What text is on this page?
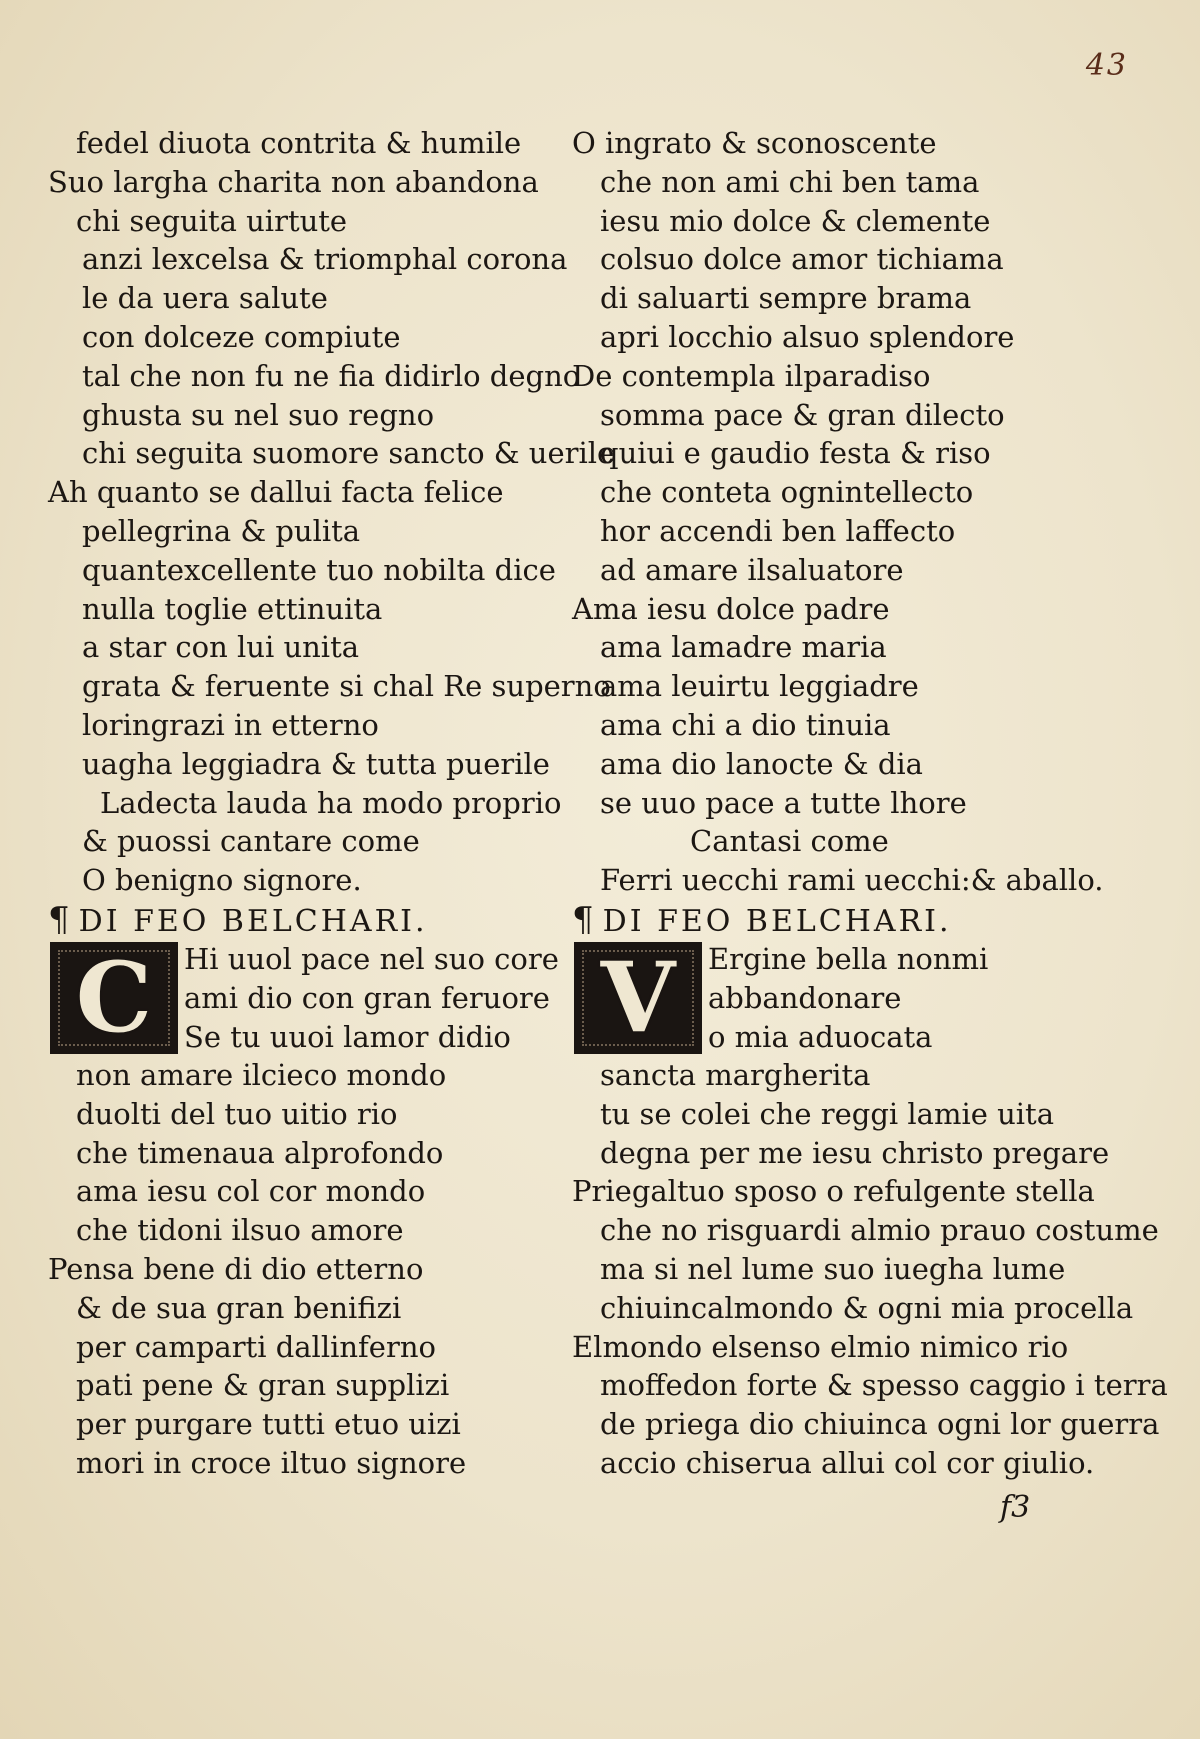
43
fedel diuota contrita & humile
Suo largha charita non abandona
chi seguita uirtute
anzi lexcelsa & triomphal corona
le da uera salute
con dolceze compiute
tal che non fu ne fia didirlo degno
ghusta su nel suo regno
chi seguita suomore sancto & uerile
Ah quanto se dallui facta felice
pellegrina & pulita
quantexcellente tuo nobilta dice
nulla toglie ettinuita
a star con lui unita
grata & feruente si chal Re superno
loringrazi in etterno
uagha leggiadra & tutta puerile
Ladecta lauda ha modo proprio
& puossi cantare come
O benigno signore.
¶ DI FEO BELCHARI.
C Hi uuol pace nel suo core
ami dio con gran feruore
Se tu uuoi lamor didio
non amare ilcieco mondo
duolti del tuo uitio rio
che timenaua alprofondo
ama iesu col cor mondo
che tidoni ilsuo amore
Pensa bene di dio etterno
& de sua gran benifizi
per camparti dallinferno
pati pene & gran supplizi
per purgare tutti etuo uizi
mori in croce iltuo signore
O ingrato & sconoscente
che non ami chi ben tama
iesu mio dolce & clemente
colsuo dolce amor tichiama
di saluarti sempre brama
apri locchio alsuo splendore
De contempla ilparadiso
somma pace & gran dilecto
quiui e gaudio festa & riso
che conteta ognintellecto
hor accendi ben laffecto
ad amare ilsaluatore
Ama iesu dolce padre
ama lamadre maria
ama leuirtu leggiadre
ama chi a dio tinuia
ama dio lanocte & dia
se uuo pace a tutte lhore
Cantasi come
Ferri uecchi rami uecchi:& aballo.
¶ DI FEO BELCHARI.
V Ergine bella nonmi
abbandonare
o mia aduocata
sancta margherita
tu se colei che reggi lamie uita
degna per me iesu christo pregare
Priegaltuo sposo o refulgente stella
che no risguardi almio prauo costume
ma si nel lume suo iuegha lume
chiuincalmondo & ogni mia procella
Elmondo elsenso elmio nimico rio
moffedon forte & spesso caggio i terra
de priega dio chiuinca ogni lor guerra
accio chiserua allui col cor giulio.
f3
